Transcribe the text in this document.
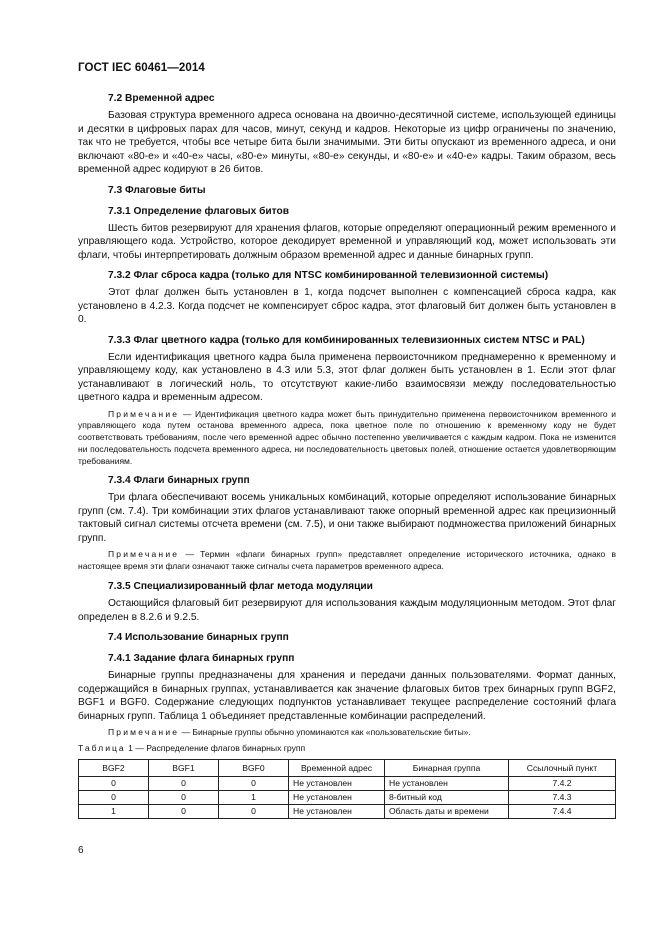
ГОСТ IEC 60461—2014
7.2 Временной адрес

Базовая структура временного адреса основана на двоично-десятичной системе, использующей единицы и десятки в цифровых парах для часов, минут, секунд и кадров. Некоторые из цифр ограничены по значению, так что не требуется, чтобы все четыре бита были значимыми. Эти биты опускают из временного адреса, и они включают «80-е» и «40-е» часы, «80-е» минуты, «80-е» секунды, и «80-е» и «40-е» кадры. Таким образом, весь временной адрес кодируют в 26 битов.

7.3 Флаговые биты
7.3.1 Определение флаговых битов

Шесть битов резервируют для хранения флагов, которые определяют операционный режим временного и управляющего кода. Устройство, которое декодирует временной и управляющий код, может использовать эти флаги, чтобы интерпретировать должным образом временной адрес и данные бинарных групп.

7.3.2 Флаг сброса кадра (только для NTSC комбинированной телевизионной системы)

Этот флаг должен быть установлен в 1, когда подсчет выполнен с компенсацией сброса кадра, как установлено в 4.2.3. Когда подсчет не компенсирует сброс кадра, этот флаговый бит должен быть установлен в 0.

7.3.3 Флаг цветного кадра (только для комбинированных телевизионных систем NTSC и PAL)

Если идентификация цветного кадра была применена первоисточником преднамеренно к временному и управляющему коду, как установлено в 4.3 или 5.3, этот флаг должен быть установлен в 1. Если этот флаг устанавливают в логический ноль, то отсутствуют какие-либо взаимосвязи между последовательностью цветного кадра и временным адресом.

Примечание — Идентификация цветного кадра может быть принудительно применена первоисточником временного и управляющего кода путем останова временного адреса, пока цветное поле по отношению к временному коду не будет соответствовать требованиям, после чего временной адрес обычно постепенно увеличивается с каждым кадром. Пока не изменится ни последовательность подсчета временного адреса, ни последовательность цветовых полей, отношение остается удовлетворяющим требованиям.

7.3.4 Флаги бинарных групп

Три флага обеспечивают восемь уникальных комбинаций, которые определяют использование бинарных групп (см. 7.4). Три комбинации этих флагов устанавливают также опорный временной адрес как прецизионный тактовый сигнал системы отсчета времени (см. 7.5), и они также выбирают подмножества приложений бинарных групп.

Примечание — Термин «флаги бинарных групп» представляет определение исторического источника, однако в настоящее время эти флаги означают также сигналы счета параметров временного адреса.

7.3.5 Специализированный флаг метода модуляции

Остающийся флаговый бит резервируют для использования каждым модуляционным методом. Этот флаг определен в 8.2.6 и 9.2.5.

7.4 Использование бинарных групп
7.4.1 Задание флага бинарных групп

Бинарные группы предназначены для хранения и передачи данных пользователями. Формат данных, содержащийся в бинарных группах, устанавливается как значение флаговых битов трех бинарных групп BGF2, BGF1 и BGF0. Содержание следующих подпунктов устанавливает текущее распределение состояний флага бинарных групп. Таблица 1 объединяет представленные комбинации распределений.

Примечание — Бинарные группы обычно упоминаются как «пользовательские биты».

Таблица 1 — Распределение флагов бинарных групп
BGF2	BGF1	BGF0	Временной адрес	Бинарная группа	Ссылочный пункт
0	0	0	Не установлен	Не установлен	7.4.2
0	0	1	Не установлен	8-битный код	7.4.3
1	0	0	Не установлен	Область даты и времени	7.4.4
6
